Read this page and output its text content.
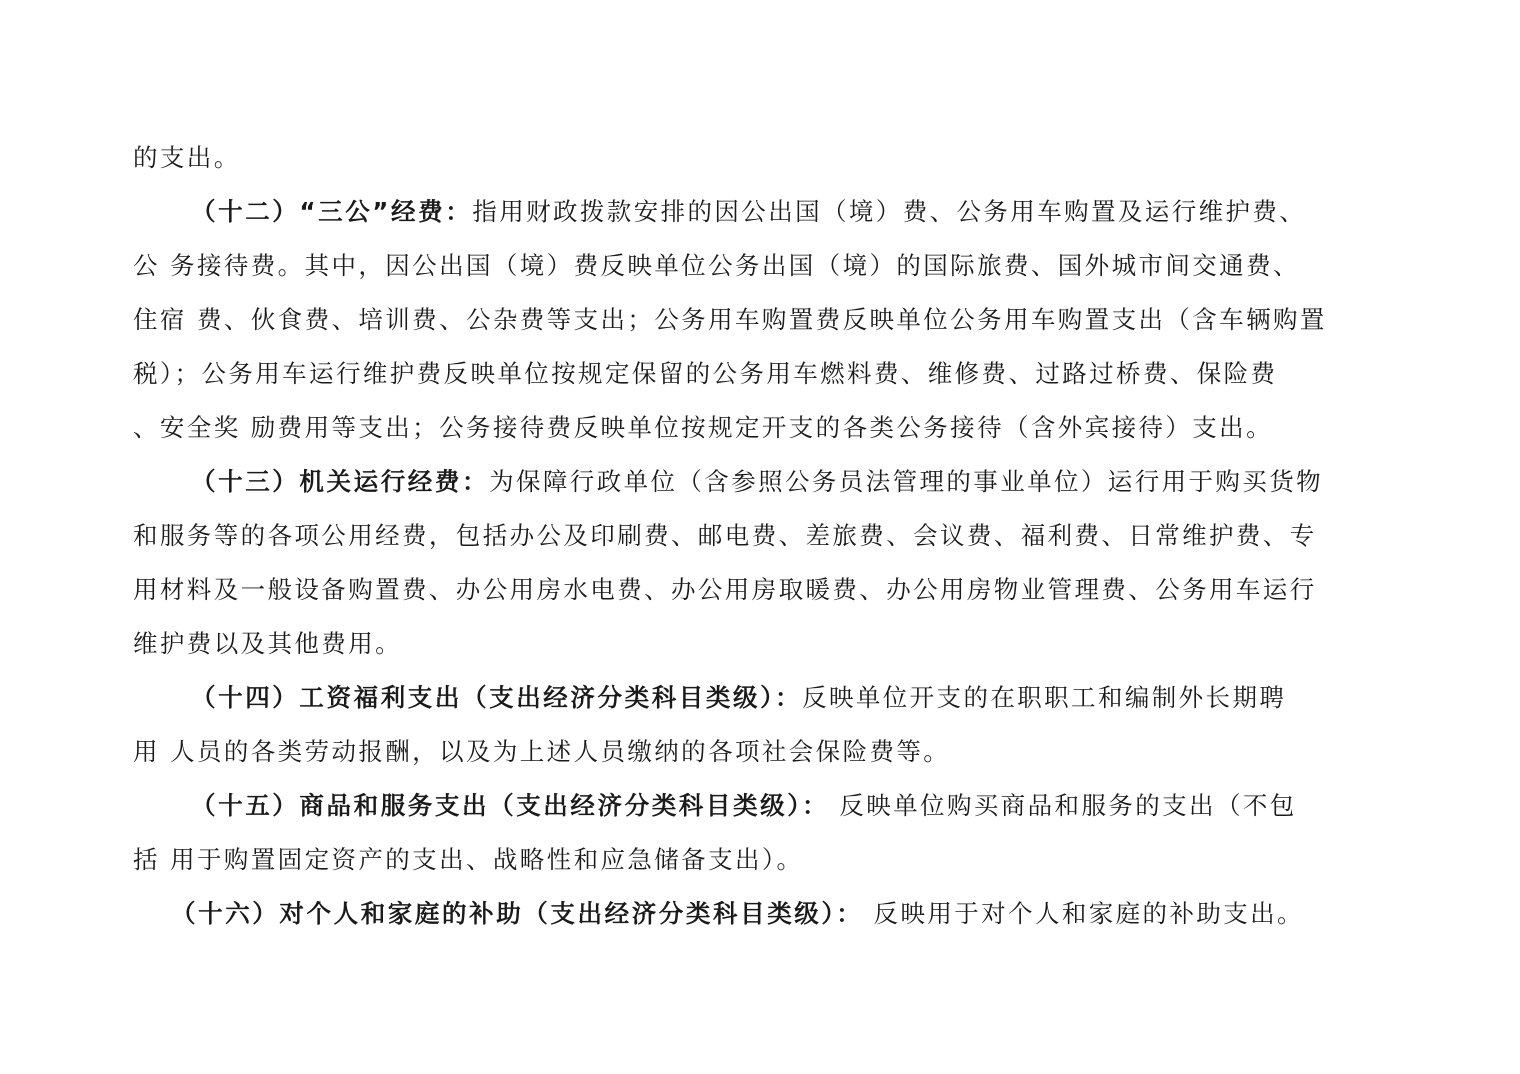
的支出。
（十二）“三公”经费：指用财政拨款安排的因公出国（境）费、公务用车购置及运行维护费、
公 务接待费。其中，因公出国（境）费反映单位公务出国（境）的国际旅费、国外城市间交通费、
住宿 费、伙食费、培训费、公杂费等支出；公务用车购置费反映单位公务用车购置支出（含车辆购置
税）；公务用车运行维护费反映单位按规定保留的公务用车燃料费、维修费、过路过桥费、保险费
、安全奖 励费用等支出；公务接待费反映单位按规定开支的各类公务接待（含外宾接待）支出。
（十三）机关运行经费：为保障行政单位（含参照公务员法管理的事业单位）运行用于购买货物
和服务等的各项公用经费，包括办公及印刷费、邮电费、差旅费、会议费、福利费、日常维护费、专
用材料及一般设备购置费、办公用房水电费、办公用房取暖费、办公用房物业管理费、公务用车运行
维护费以及其他费用。
（十四）工资福利支出（支出经济分类科目类级）：反映单位开支的在职职工和编制外长期聘
用 人员的各类劳动报酬，以及为上述人员缴纳的各项社会保险费等。
（十五）商品和服务支出（支出经济分类科目类级）： 反映单位购买商品和服务的支出（不包
括 用于购置固定资产的支出、战略性和应急储备支出）。
（十六）对个人和家庭的补助（支出经济分类科目类级）： 反映用于对个人和家庭的补助支出。
